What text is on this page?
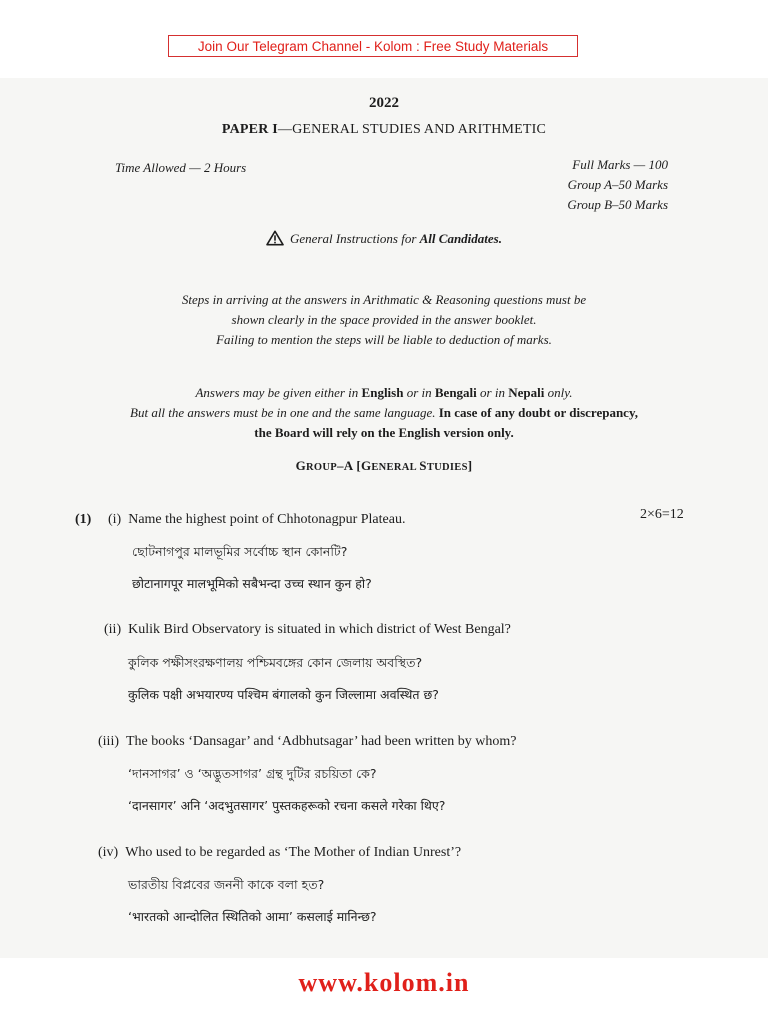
Join Our Telegram Channel - Kolom : Free Study Materials
2022
PAPER I—GENERAL STUDIES AND ARITHMETIC
Time Allowed — 2 Hours	Full Marks — 100
Group A–50 Marks
Group B–50 Marks
General Instructions for All Candidates.
Steps in arriving at the answers in Arithmatic & Reasoning questions must be
shown clearly in the space provided in the answer booklet.
Failing to mention the steps will be liable to deduction of marks.
Answers may be given either in English or in Bengali or in Nepali only.
But all the answers must be in one and the same language. In case of any doubt or discrepancy,
the Board will rely on the English version only.
GROUP–A [GENERAL STUDIES]
(1)	2×6=12
(i) Name the highest point of Chhotonagpur Plateau.
ছোটনাগপুর মালভূমির সর্বোচ্চ স্থান কোনটি?
छोटानागपूर मालभूमिको सबैभन्दा उच्च स्थान कुन हो?
(ii) Kulik Bird Observatory is situated in which district of West Bengal?
কুলিক পক্ষীসংরক্ষণালয় পশ্চিমবঙ্গের কোন জেলায় অবস্থিত?
कुलिक पक्षी अभयारण्य पश्चिम बंगालको कुन जिल्लामा अवस्थित छ?
(iii) The books ‘Dansagar’ and ‘Adbhutsagar’ had been written by whom?
‘দানসাগর’ ও ‘অদ্ভুতসাগর’ গ্রন্থ দুটির রচয়িতা কে?
‘दानसागर’ अनि ‘अदभुतसागर’ पुस्तकहरूको रचना कसले गरेका थिए?
(iv) Who used to be regarded as ‘The Mother of Indian Unrest’?
ভারতীয় বিপ্লবের জননী কাকে বলা হত?
‘भारतको आन्दोलित स्थितिको आमा’ कसलाई मानिन्छ?
www.kolom.in
